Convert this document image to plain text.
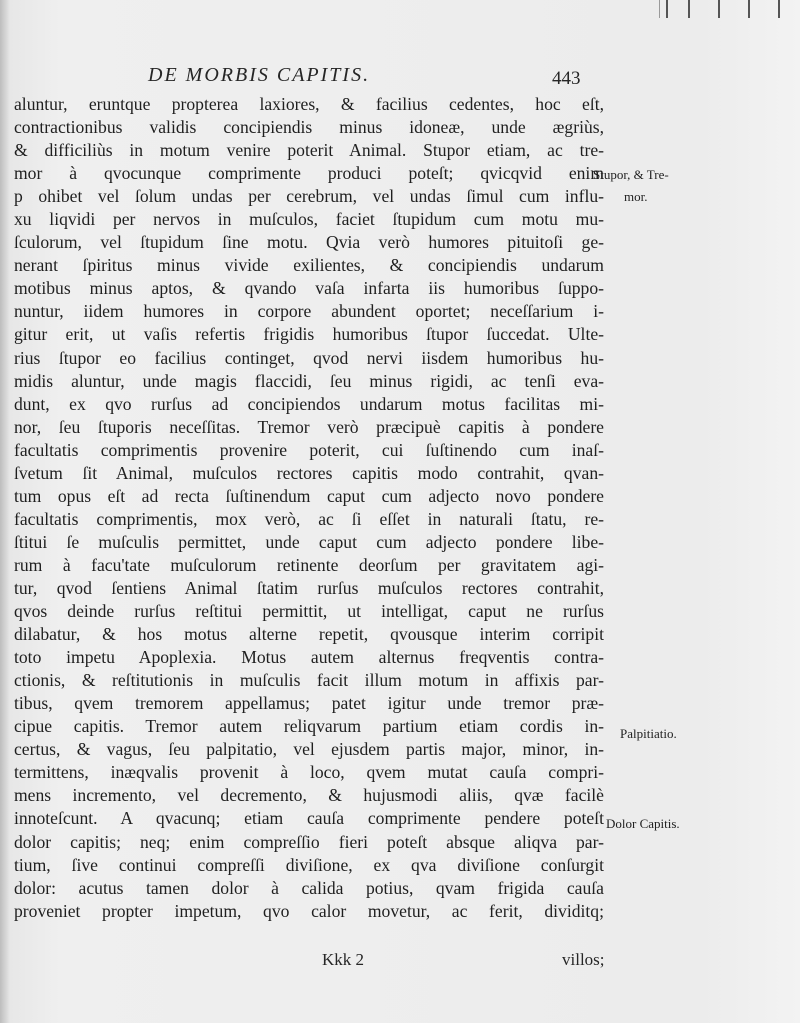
DE MORBIS CAPITIS.	443
aluntur, eruntque propterea laxiores, & facilius cedentes, hoc eſt,
contractionibus validis concipiendis minus idoneæ, unde ægriùs,
& difficiliùs in motum venire poterit Animal. Stupor etiam, ac tre-
mor à qvocunque comprimente produci poteſt; qvicqvid enim
p ohibet vel ſolum undas per cerebrum, vel undas ſimul cum influ-
xu liqvidi per nervos in muſculos, faciet ſtupidum cum motu mu-
ſculorum, vel ſtupidum ſine motu. Qvia verò humores pituitoſi ge-
nerant ſpiritus minus vivide exilientes, & concipiendis undarum
motibus minus aptos, & qvando vaſa infarta iis humoribus ſuppo-
nuntur, iidem humores in corpore abundent oportet; neceſſarium i-
gitur erit, ut vaſis refertis frigidis humoribus ſtupor ſuccedat. Ulte-
rius ſtupor eo facilius continget, qvod nervi iisdem humoribus hu-
midis aluntur, unde magis flaccidi, ſeu minus rigidi, ac tenſi eva-
dunt, ex qvo rurſus ad concipiendos undarum motus facilitas mi-
nor, ſeu ſtuporis neceſſitas. Tremor verò præcipuè capitis à pondere
facultatis comprimentis provenire poterit, cui ſuſtinendo cum inaſ-
ſvetum ſit Animal, muſculos rectores capitis modo contrahit, qvan-
tum opus eſt ad recta ſuſtinendum caput cum adjecto novo pondere
facultatis comprimentis, mox verò, ac ſi eſſet in naturali ſtatu, re-
ſtitui ſe muſculis permittet, unde caput cum adjecto pondere libe-
rum à facu'tate muſculorum retinente deorſum per gravitatem agi-
tur, qvod ſentiens Animal ſtatim rurſus muſculos rectores contrahit,
qvos deinde rurſus reſtitui permittit, ut intelligat, caput ne rurſus
dilabatur, & hos motus alterne repetit, qvousque interim corripit
toto impetu Apoplexia. Motus autem alternus freqventis contra-
ctionis, & reſtitutionis in muſculis facit illum motum in affixis par-
tibus, qvem tremorem appellamus; patet igitur unde tremor præ-
cipue capitis. Tremor autem reliqvarum partium etiam cordis in-
certus, & vagus, ſeu palpitatio, vel ejusdem partis major, minor, in-
termittens, inæqvalis provenit à loco, qvem mutat cauſa compri-
mens incremento, vel decremento, & hujusmodi aliis, qvæ facilè
innoteſcunt. A qvacunq; etiam cauſa comprimente pendere poteſt
dolor capitis; neq; enim compreſſio fieri poteſt absque aliqva par-
tium, ſive continui compreſſi diviſione, ex qva diviſione conſurgit
dolor: acutus tamen dolor à calida potius, qvam frigida cauſa
proveniet propter impetum, qvo calor movetur, ac ferit, dividitq;
Stupor, & Tre-
mor.
Palpitiatio.
Dolor Capitis.
Kkk 2	villos;
